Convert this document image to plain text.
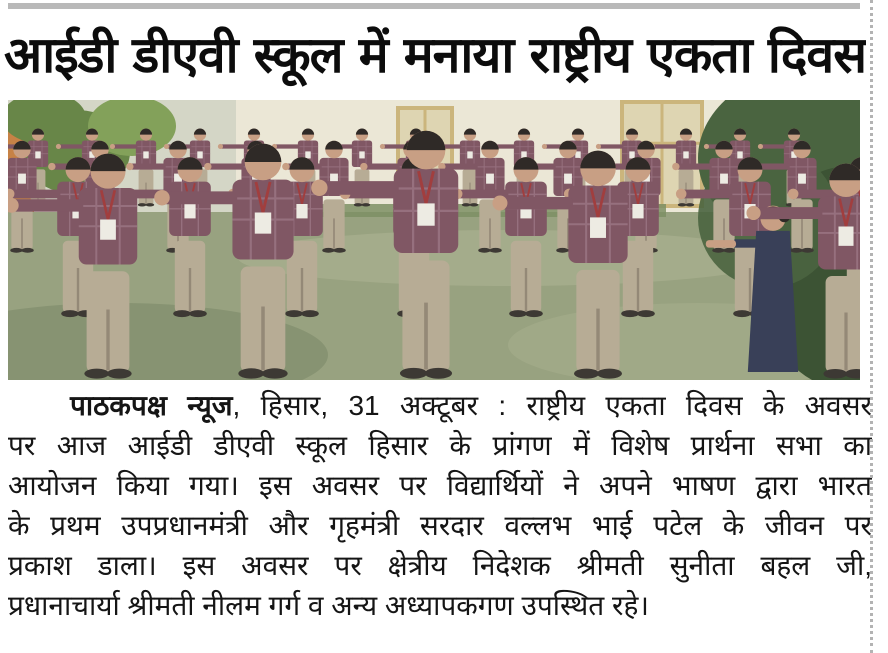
आईडी डीएवी स्कूल में मनाया राष्ट्रीय एकता दिवस
पाठकपक्ष न्यूज, हिसार, 31 अक्टूबर : राष्ट्रीय एकता दिवस के अवसर
पर आज आईडी डीएवी स्कूल हिसार के प्रांगण में विशेष प्रार्थना सभा का
आयोजन किया गया। इस अवसर पर विद्यार्थियों ने अपने भाषण द्वारा भारत
के प्रथम उपप्रधानमंत्री और गृहमंत्री सरदार वल्लभ भाई पटेल के जीवन पर
प्रकाश डाला। इस अवसर पर क्षेत्रीय निदेशक श्रीमती सुनीता बहल जी,
प्रधानाचार्या श्रीमती नीलम गर्ग व अन्य अध्यापकगण उपस्थित रहे।
